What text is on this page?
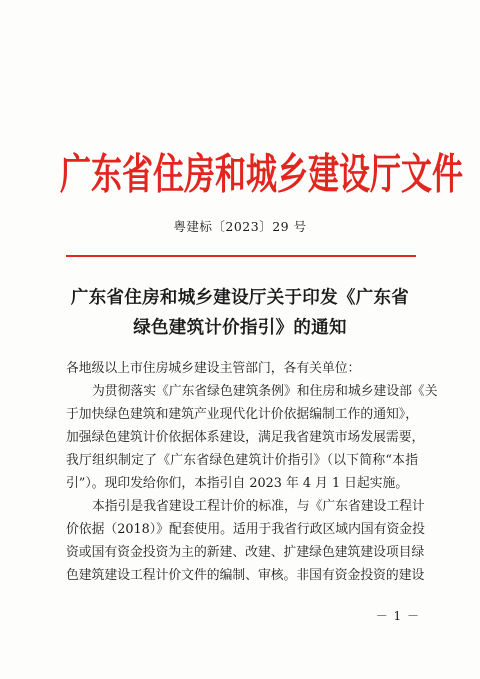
广东省住房和城乡建设厅文件
粤建标〔2023〕29 号
广东省住房和城乡建设厅关于印发《广东省
绿色建筑计价指引》的通知
各地级以上市住房城乡建设主管部门，各有关单位：
为贯彻落实《广东省绿色建筑条例》和住房和城乡建设部《关
于加快绿色建筑和建筑产业现代化计价依据编制工作的通知》，
加强绿色建筑计价依据体系建设，满足我省建筑市场发展需要，
我厅组织制定了《广东省绿色建筑计价指引》（以下简称“本指
引”）。现印发给你们，本指引自 2023 年 4 月 1 日起实施。
本指引是我省建设工程计价的标准，与《广东省建设工程计
价依据（2018）》配套使用。适用于我省行政区域内国有资金投
资或国有资金投资为主的新建、改建、扩建绿色建筑建设项目绿
色建筑建设工程计价文件的编制、审核。非国有资金投资的建设
－ 1 －
